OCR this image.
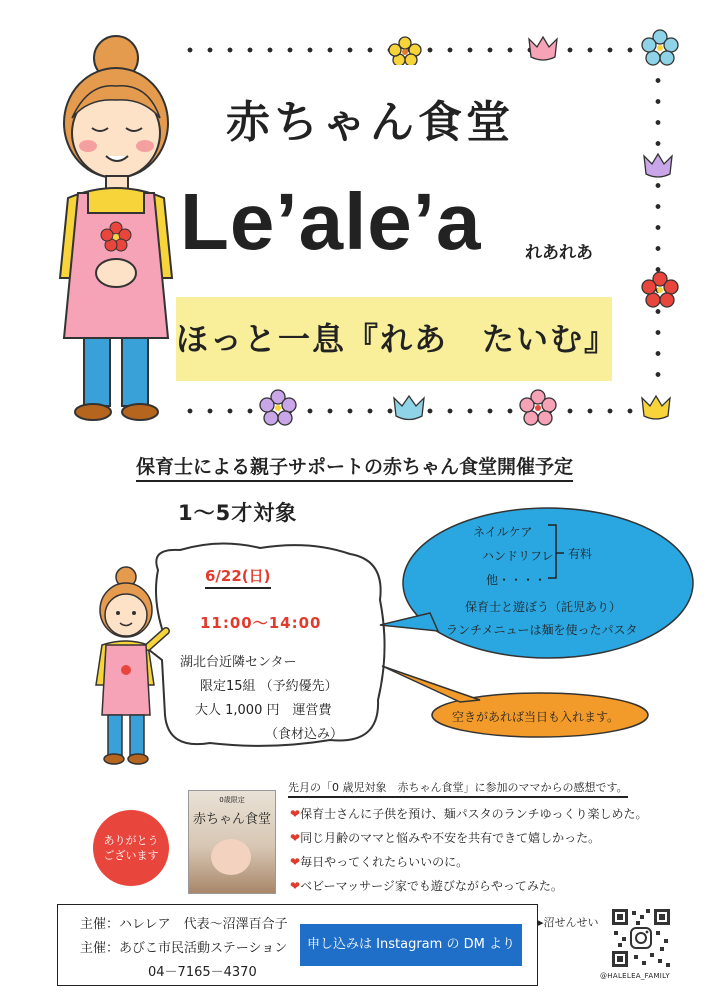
赤ちゃん食堂
Le’ale’a	れあれあ
ほっと一息『れあ　たいむ』
保育士による親子サポートの赤ちゃん食堂開催予定
1～5才対象
6/22(日)
11:00～14:00
湖北台近隣センター
限定15組 （予約優先）
大人 1,000 円　運営費
（食材込み）
ネイルケア
ハンドリフレ
他・・・・
有料
保育士と遊ぼう（託児あり）
ランチメニューは麺を使ったパスタ
空きがあれば当日も入れます。
0歳限定
赤ちゃん食堂
ありがとう
ございます
先月の「0 歳児対象　赤ちゃん食堂」に参加のママからの感想です。
❤保育士さんに子供を預け、麺パスタのランチゆっくり楽しめた。
❤同じ月齢のママと悩みや不安を共有できて嬉しかった。
❤毎日やってくれたらいいのに。
❤ベビーマッサージ家でも遊びながらやってみた。
主催：ハレレア　代表～沼澤百合子
主催：あびこ市民活動ステーション
04－7165－4370
申し込みは Instagram の DM より
▸沼せんせい
@HALELEA_FAMILY
